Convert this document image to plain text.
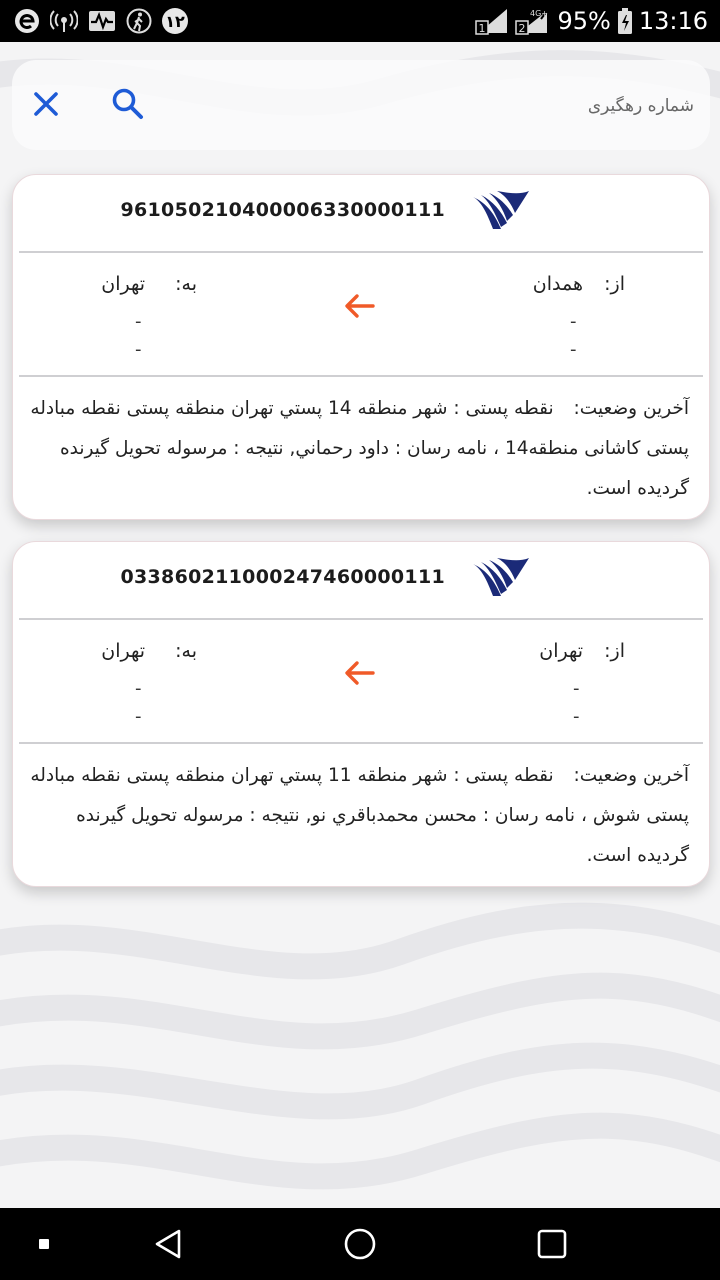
١٢	1	2
4G+ 95% 13:16
شماره رهگیری
961050210400006330000111
از:
همدان
-
-
به:
تهران
-
-
آخرین وضعیت: نقطه پستی : شهر منطقه 14 پستي تهران منطقه پستی نقطه مبادله پستی کاشانی منطقه14 ، نامه رسان : داود رحماني, نتیجه : مرسوله تحویل گیرنده گردیده است.
033860211000247460000111
از:
تهران
-
-
به:
تهران
-
-
آخرین وضعیت: نقطه پستی : شهر منطقه 11 پستي تهران منطقه پستی نقطه مبادله پستی شوش ، نامه رسان : محسن محمدباقري نو, نتیجه : مرسوله تحویل گیرنده گردیده است.
